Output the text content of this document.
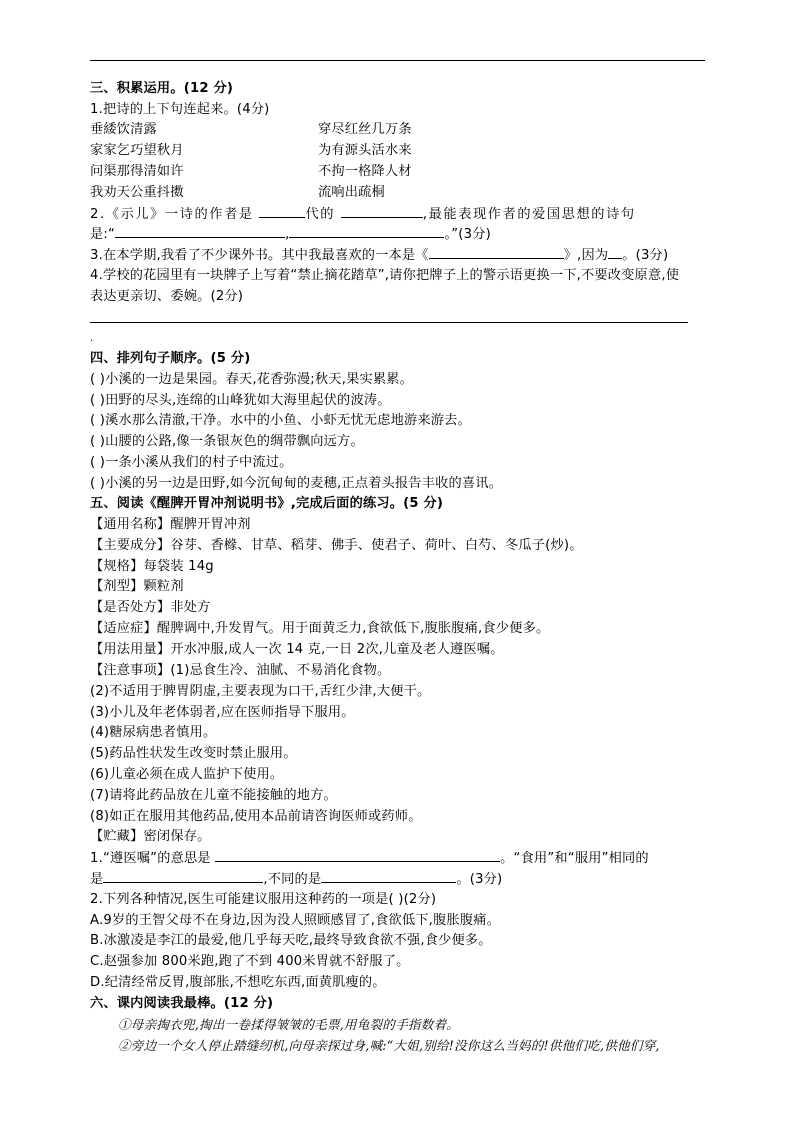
三、积累运用。(12 分)
1.把诗的上下句连起来。(4分)
垂緌饮清露	穿尽红丝几万条
家家乞巧望秋月	为有源头活水来
问渠那得清如许	不拘一格降人材
我劝天公重抖擞	流响出疏桐
2.《示儿》一诗的作者是	代的	,最能表现作者的爱国思想的诗句
是:“	,	。”(3分)
3.在本学期,我看了不少课外书。其中我最喜欢的一本是《	》,因为 。(3分)
4.学校的花园里有一块牌子上写着“禁止摘花踏草”,请你把牌子上的警示语更换一下,不要改变原意,使
表达更亲切、委婉。(2分)
.
四、排列句子顺序。(5 分)
( )小溪的一边是果园。春天,花香弥漫;秋天,果实累累。
( )田野的尽头,连绵的山峰犹如大海里起伏的波涛。
( )溪水那么清澈,干净。水中的小鱼、小虾无忧无虑地游来游去。
( )山腰的公路,像一条银灰色的绸带飘向远方。
( )一条小溪从我们的村子中流过。
( )小溪的另一边是田野,如今沉甸甸的麦穗,正点着头报告丰收的喜讯。
五、阅读《醒脾开胃冲剂说明书》,完成后面的练习。(5 分)
【通用名称】醒脾开胃冲剂
【主要成分】谷芽、香橼、甘草、稻芽、佛手、使君子、荷叶、白芍、冬瓜子(炒)。
【规格】每袋装 14g
【剂型】颗粒剂
【是否处方】非处方
【适应症】醒脾调中,升发胃气。用于面黄乏力,食欲低下,腹胀腹痛,食少便多。
【用法用量】开水冲服,成人一次 14 克,一日 2次,儿童及老人遵医嘱。
【注意事项】(1)忌食生冷、油腻、不易消化食物。
(2)不适用于脾胃阴虚,主要表现为口干,舌红少津,大便干。
(3)小儿及年老体弱者,应在医师指导下服用。
(4)糖尿病患者慎用。
(5)药品性状发生改变时禁止服用。
(6)儿童必须在成人监护下使用。
(7)请将此药品放在儿童不能接触的地方。
(8)如正在服用其他药品,使用本品前请咨询医师或药师。
【贮藏】密闭保存。
1.“遵医嘱”的意思是	。“食用”和“服用”相同的
是	,不同的是	。(3分)
2.下列各种情况,医生可能建议服用这种药的一项是( )(2分)
A.9岁的王智父母不在身边,因为没人照顾感冒了,食欲低下,腹胀腹痛。
B.冰激凌是李江的最爱,他几乎每天吃,最终导致食欲不强,食少便多。
C.赵强参加 800米跑,跑了不到 400米胃就不舒服了。
D.纪清经常反胃,腹部胀,不想吃东西,面黄肌瘦的。
六、课内阅读我最棒。(12 分)
①母亲掏衣兜,掏出一卷揉得皱皱的毛票,用龟裂的手指数着。
②旁边一个女人停止踏缝纫机,向母亲探过身,喊:“大姐,别给!没你这么当妈的!供他们吃,供他们穿,
